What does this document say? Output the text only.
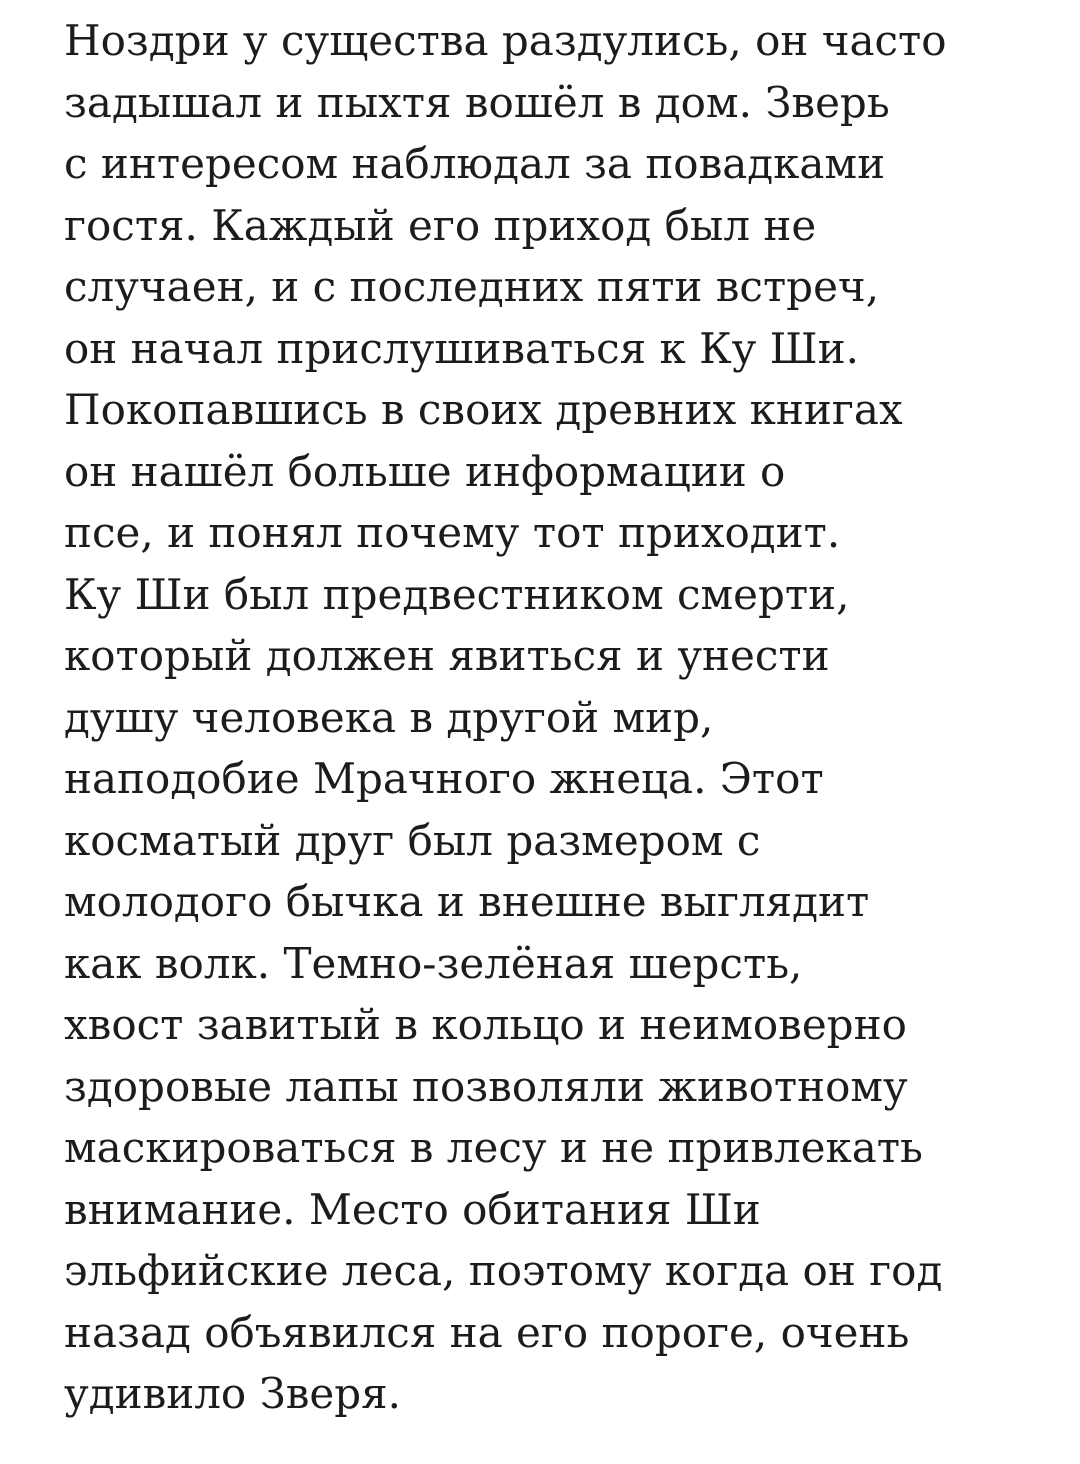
Ноздри у существа раздулись, он часто
задышал и пыхтя вошёл в дом. Зверь
с интересом наблюдал за повадками
гостя. Каждый его приход был не
случаен, и с последних пяти встреч,
он начал прислушиваться к Ку Ши.
Покопавшись в своих древних книгах
он нашёл больше информации о
псе, и понял почему тот приходит.
Ку Ши был предвестником смерти,
который должен явиться и унести
душу человека в другой мир,
наподобие Мрачного жнеца. Этот
косматый друг был размером с
молодого бычка и внешне выглядит
как волк. Темно-зелёная шерсть,
хвост завитый в кольцо и неимоверно
здоровые лапы позволяли животному
маскироваться в лесу и не привлекать
внимание. Место обитания Ши
эльфийские леса, поэтому когда он год
назад объявился на его пороге, очень
удивило Зверя.
